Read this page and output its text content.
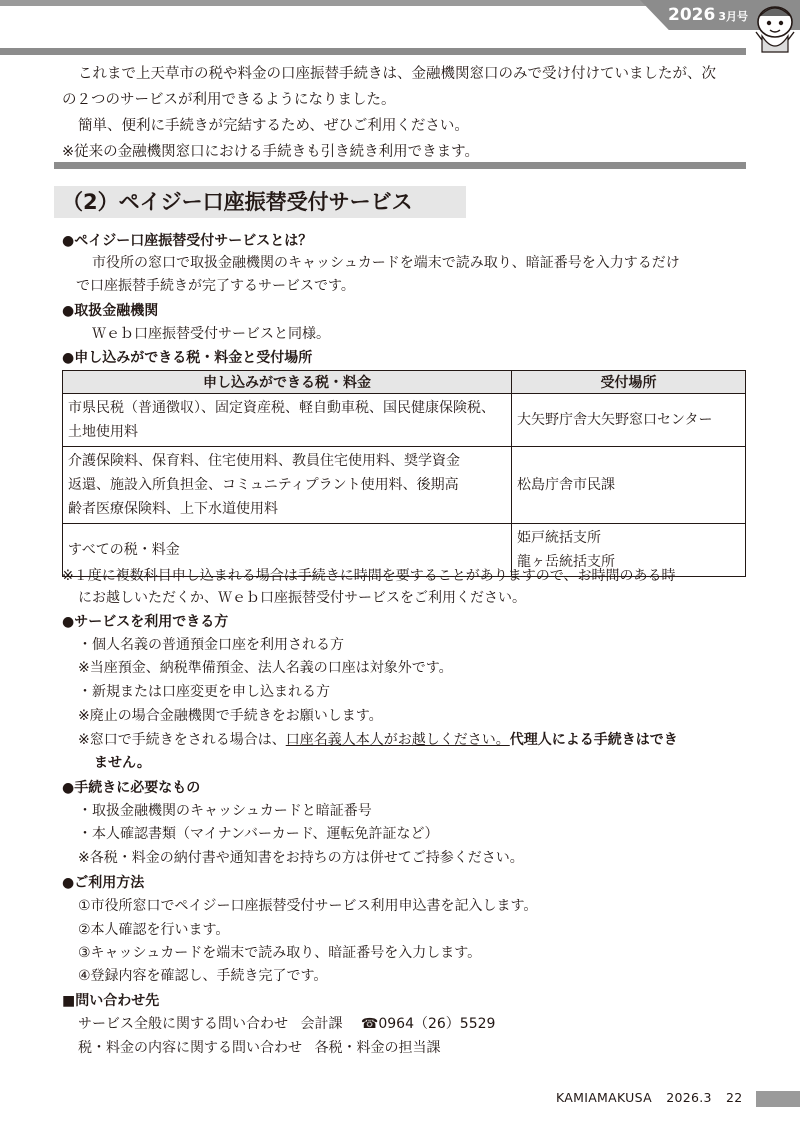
2026 3月号

これまで上天草市の税や料金の口座振替手続きは、金融機関窓口のみで受け付けていましたが、次

の２つのサービスが利用できるようになりました。

簡単、便利に手続きが完結するため、ぜひご利用ください。

※従来の金融機関窓口における手続きも引き続き利用できます。

（2）ペイジー口座振替受付サービス
●ペイジー口座振替受付サービスとは？
市役所の窓口で取扱金融機関のキャッシュカードを端末で読み取り、暗証番号を入力するだけ
で口座振替手続きが完了するサービスです。
●取扱金融機関
Ｗｅｂ口座振替受付サービスと同様。
●申し込みができる税・料金と受付場所
申し込みができる税・料金	受付場所
市県民税（普通徴収）、固定資産税、軽自動車税、国民健康保険税、
土地使用料	大矢野庁舎大矢野窓口センター
介護保険料、保育料、住宅使用料、教員住宅使用料、奨学資金
返還、施設入所負担金、コミュニティプラント使用料、後期高
齢者医療保険料、上下水道使用料	松島庁舎市民課
すべての税・料金	姫戸統括支所
龍ヶ岳統括支所
※１度に複数科目申し込まれる場合は手続きに時間を要することがありますので、お時間のある時
にお越しいただくか、Ｗｅｂ口座振替受付サービスをご利用ください。
●サービスを利用できる方
・個人名義の普通預金口座を利用される方
※当座預金、納税準備預金、法人名義の口座は対象外です。
・新規または口座変更を申し込まれる方
※廃止の場合金融機関で手続きをお願いします。
※窓口で手続きをされる場合は、口座名義人本人がお越しください。代理人による手続きはでき
ません。
●手続きに必要なもの
・取扱金融機関のキャッシュカードと暗証番号
・本人確認書類（マイナンバーカード、運転免許証など）
※各税・料金の納付書や通知書をお持ちの方は併せてご持参ください。
●ご利用方法
①市役所窓口でペイジー口座振替受付サービス利用申込書を記入します。
②本人確認を行います。
③キャッシュカードを端末で読み取り、暗証番号を入力します。
④登録内容を確認し、手続き完了です。
■問い合わせ先
サービス全般に関する問い合わせ 会計課 ☎0964（26）5529
税・料金の内容に関する問い合わせ 各税・料金の担当課
KAMIAMAKUSA 2026.3 22
